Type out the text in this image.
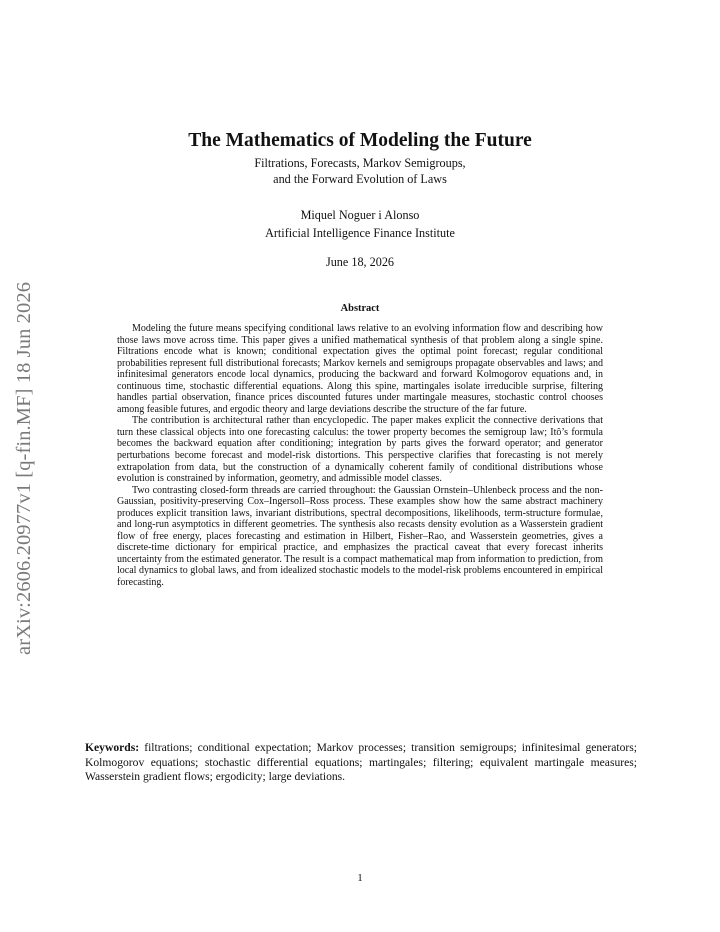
arXiv:2606.20977v1 [q-fin.MF] 18 Jun 2026
The Mathematics of Modeling the Future
Filtrations, Forecasts, Markov Semigroups,
and the Forward Evolution of Laws
Miquel Noguer i Alonso
Artificial Intelligence Finance Institute
June 18, 2026
Abstract

Modeling the future means specifying conditional laws relative to an evolving information flow and describing how those laws move across time. This paper gives a unified mathematical synthesis of that problem along a single spine. Filtrations encode what is known; conditional expectation gives the optimal point forecast; regular conditional probabilities represent full distributional forecasts; Markov kernels and semigroups propagate observables and laws; and infinitesimal generators encode local dynamics, producing the backward and forward Kolmogorov equations and, in continuous time, stochastic differential equations. Along this spine, martingales isolate irreducible surprise, filtering handles partial observation, finance prices discounted futures under martingale measures, stochastic control chooses among feasible futures, and ergodic theory and large deviations describe the structure of the far future.

The contribution is architectural rather than encyclopedic. The paper makes explicit the connective derivations that turn these classical objects into one forecasting calculus: the tower property becomes the semigroup law; Itô’s formula becomes the backward equation after conditioning; integration by parts gives the forward operator; and generator perturbations become forecast and model-risk distortions. This perspective clarifies that forecasting is not merely extrapolation from data, but the construction of a dynamically coherent family of conditional distributions whose evolution is constrained by information, geometry, and admissible model classes.

Two contrasting closed-form threads are carried throughout: the Gaussian Ornstein–Uhlenbeck process and the non-Gaussian, positivity-preserving Cox–Ingersoll–Ross process. These examples show how the same abstract machinery produces explicit transition laws, invariant distributions, spectral decompositions, likelihoods, term-structure formulae, and long-run asymptotics in different geometries. The synthesis also recasts density evolution as a Wasserstein gradient flow of free energy, places forecasting and estimation in Hilbert, Fisher–Rao, and Wasserstein geometries, gives a discrete-time dictionary for empirical practice, and emphasizes the practical caveat that every forecast inherits uncertainty from the estimated generator. The result is a compact mathematical map from information to prediction, from local dynamics to global laws, and from idealized stochastic models to the model-risk problems encountered in empirical forecasting.

Keywords: filtrations; conditional expectation; Markov processes; transition semigroups; infinitesimal generators; Kolmogorov equations; stochastic differential equations; martingales; filtering; equivalent martingale measures; Wasserstein gradient flows; ergodicity; large deviations.
1
